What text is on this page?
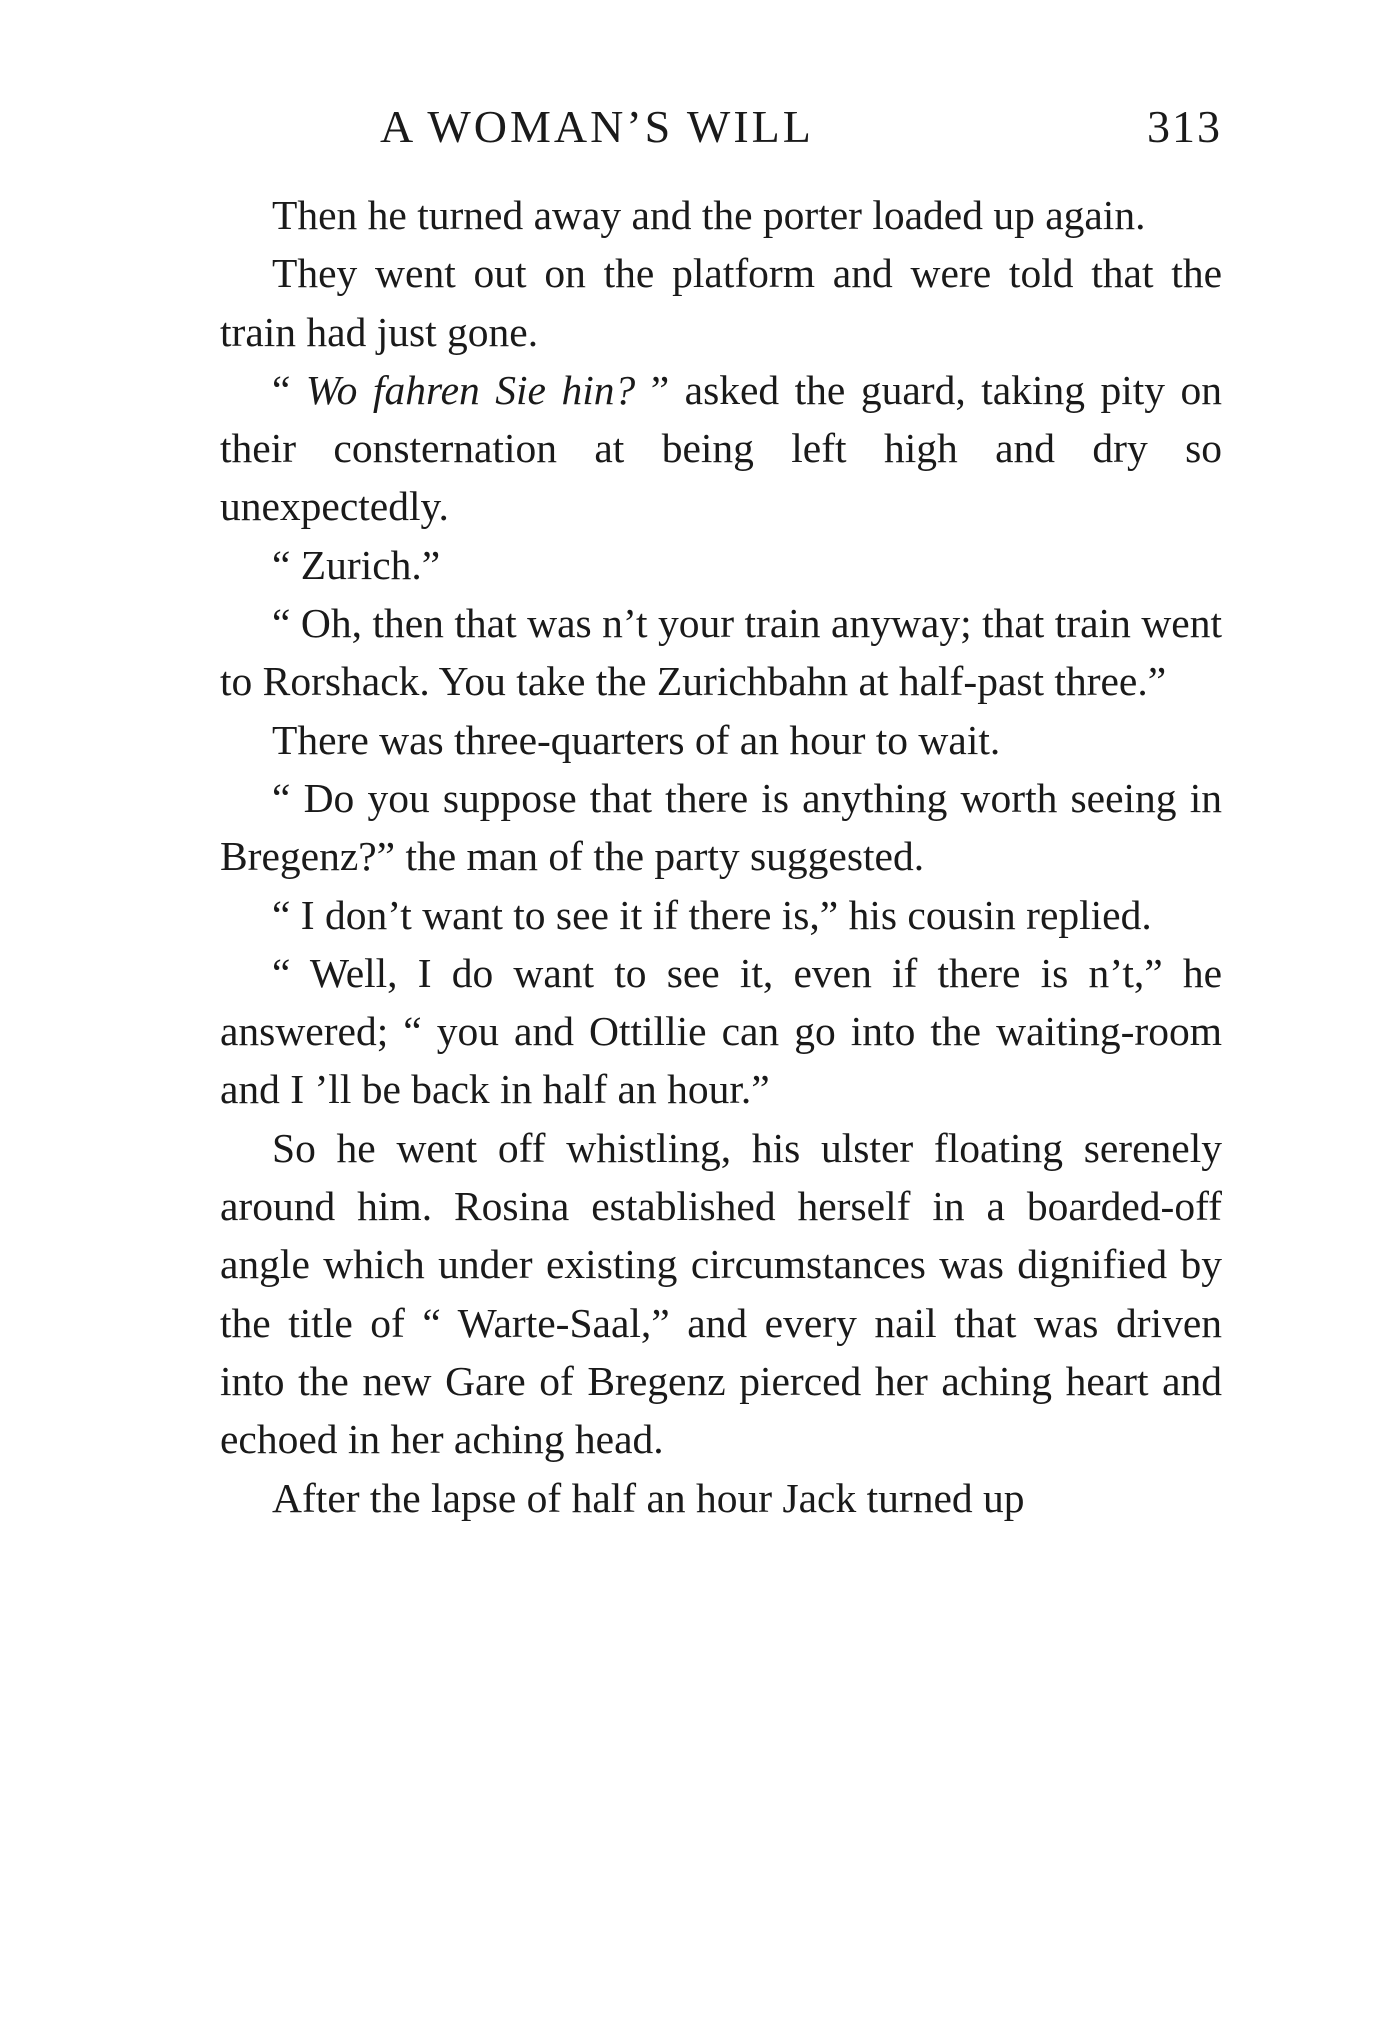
A WOMAN’S WILL	313

Then he turned away and the porter loaded up again.

They went out on the platform and were told that the train had just gone.

“ Wo fahren Sie hin? ” asked the guard, taking pity on their consternation at being left high and dry so unexpectedly.

“ Zurich.”

“ Oh, then that was n’t your train anyway; that train went to Rorshack. You take the Zurichbahn at half-past three.”

There was three-quarters of an hour to wait.

“ Do you suppose that there is anything worth seeing in Bregenz?” the man of the party suggested.

“ I don’t want to see it if there is,” his cousin replied.

“ Well, I do want to see it, even if there is n’t,” he answered; “ you and Ottillie can go into the waiting-room and I ’ll be back in half an hour.”

So he went off whistling, his ulster floating serenely around him. Rosina established herself in a boarded-off angle which under existing circumstances was dignified by the title of “ Warte-Saal,” and every nail that was driven into the new Gare of Bregenz pierced her aching heart and echoed in her aching head.

After the lapse of half an hour Jack turned up
